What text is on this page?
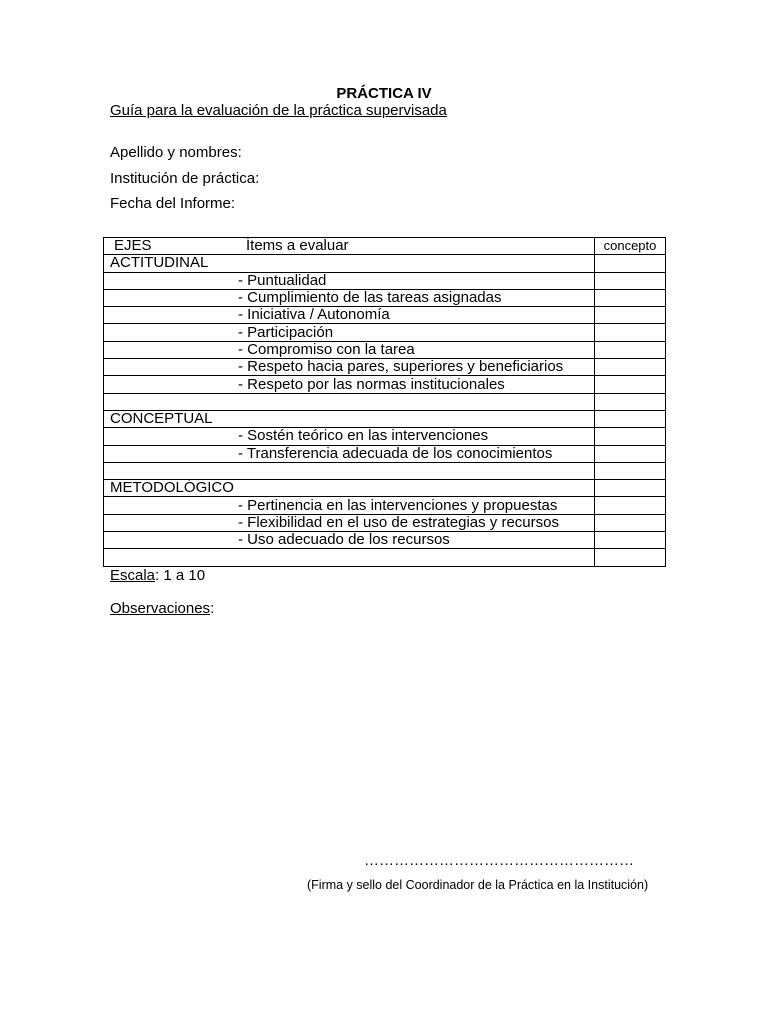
PRÁCTICA IV
Guía para la evaluación de la práctica supervisada
Apellido y nombres:
Institución de práctica:
Fecha del Informe:
EJES Ítems a evaluar	concepto
ACTITUDINAL	
- Puntualidad	
- Cumplimiento de las tareas asignadas	
- Iniciativa / Autonomía	
- Participación	
- Compromiso con la tarea	
- Respeto hacia pares, superiores y beneficiarios	
- Respeto por las normas institucionales	

CONCEPTUAL	
- Sostén teórico en las intervenciones	
- Transferencia adecuada de los conocimientos	

METODOLÓGICO	
- Pertinencia en las intervenciones y propuestas	
- Flexibilidad en el uso de estrategias y recursos	
- Uso adecuado de los recursos	

Escala: 1 a 10
Observaciones:
………………………………………………
(Firma y sello del Coordinador de la Práctica en la Institución)
